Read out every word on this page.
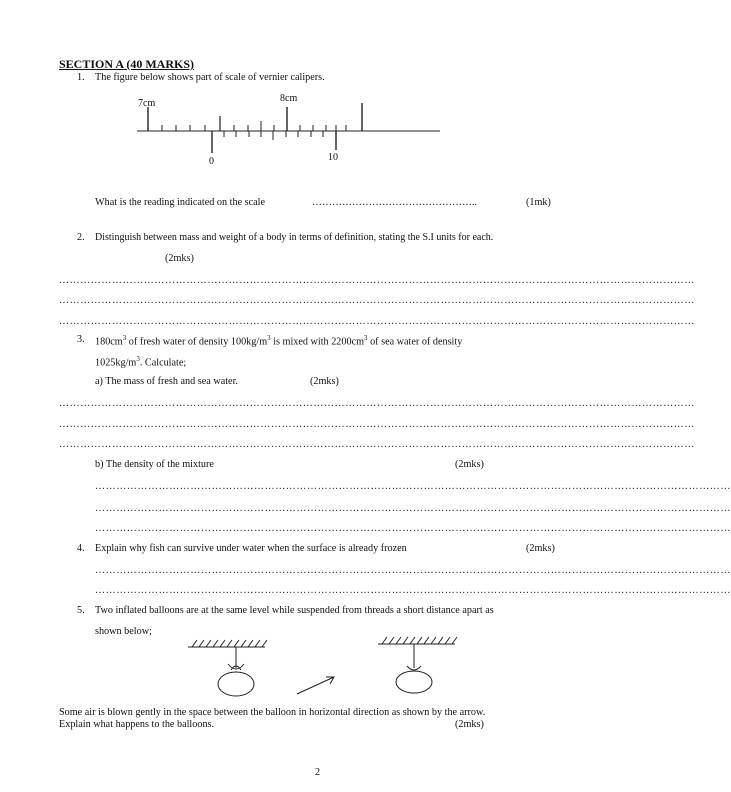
SECTION A (40 MARKS)
1. The figure below shows part of scale of vernier calipers.
7cm	8cm
0	10
What is the reading indicated on the scale	…………………………………………..	(1mk)
2. Distinguish between mass and weight of a body in terms of definition, stating the S.I units for each.
(2mks)
………………………………………………………………………………………………………………………………………………………………
………………………………………………………………………………………………………………………………………………………………
………………………………………………………………………………………………………………………………………………………………
3. $180cm^3$ of fresh water of density $100kg/m^3$ is mixed with $2200cm^3$ of sea water of density
$1025kg/m^3$. Calculate;
a) The mass of fresh and sea water.	(2mks)
………………………………………………………………………………………………………………………………………………………………
………………………………………………………………………………………………………………………………………………………………
………………………………………………………………………………………………………………………………………………………………
b) The density of the mixture	(2mks)
………………………………………………………………………………………………………………………………………………………………
………………………………………………………………………………………………………………………………………………………………
………………………………………………………………………………………………………………………………………………………………
4. Explain why fish can survive under water when the surface is already frozen	(2mks)
………………………………………………………………………………………………………………………………………………………………
………………………………………………………………………………………………………………………………………………………………
5. Two inflated balloons are at the same level while suspended from threads a short distance apart as
shown below;
Some air is blown gently in the space between the balloon in horizontal direction as shown by the arrow.
Explain what happens to the balloons.	(2mks)
2
